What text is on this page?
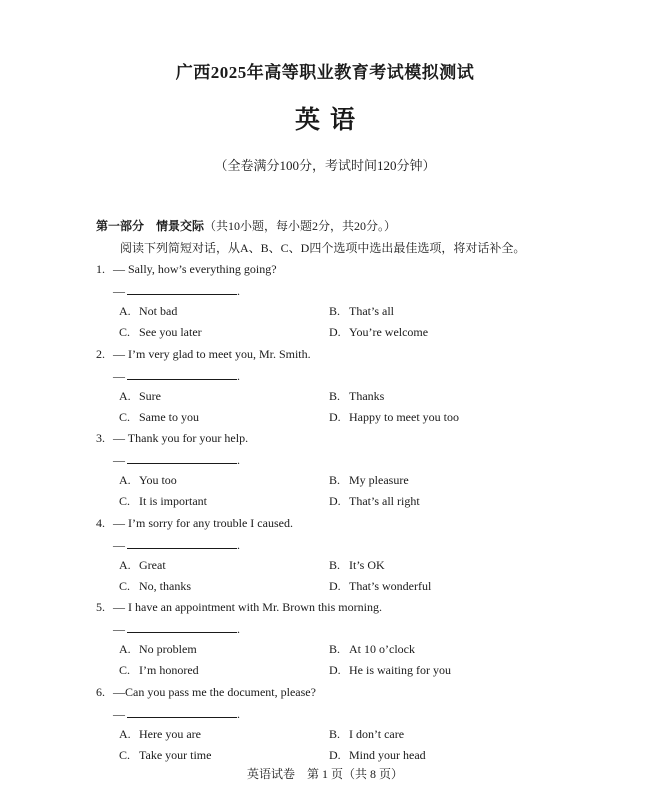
广西2025年高等职业教育考试模拟测试
英语
（全卷满分100分，考试时间120分钟）
第一部分 情景交际（共10小题，每小题2分，共20分。）
阅读下列简短对话，从A、B、C、D四个选项中选出最佳选项，将对话补全。
1. — Sally, how’s everything going?
—	.
A. Not bad	B. That’s all
C. See you later	D. You’re welcome
2. — I’m very glad to meet you, Mr. Smith.
—	.
A. Sure	B. Thanks
C. Same to you	D. Happy to meet you too
3. — Thank you for your help.
—	.
A. You too	B. My pleasure
C. It is important	D. That’s all right
4. — I’m sorry for any trouble I caused.
—	.
A. Great	B. It’s OK
C. No, thanks	D. That’s wonderful
5. — I have an appointment with Mr. Brown this morning.
—	.
A. No problem	B. At 10 o’clock
C. I’m honored	D. He is waiting for you
6. —Can you pass me the document, please?
—	.
A. Here you are	B. I don’t care
C. Take your time	D. Mind your head
英语试卷　第 1 页（共 8 页）
